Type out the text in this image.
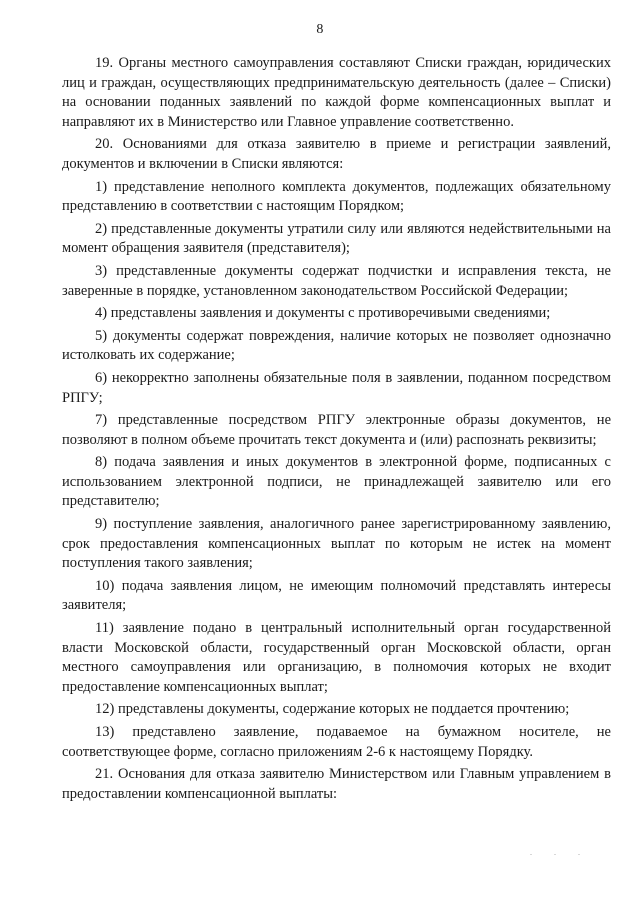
8

19. Органы местного самоуправления составляют Списки граждан, юридических лиц и граждан, осуществляющих предпринимательскую деятельность (далее – Списки) на основании поданных заявлений по каждой форме компенсационных выплат и направляют их в Министерство или Главное управление соответственно.

20. Основаниями для отказа заявителю в приеме и регистрации заявлений, документов и включении в Списки являются:

1) представление неполного комплекта документов, подлежащих обязательному представлению в соответствии с настоящим Порядком;

2) представленные документы утратили силу или являются недействительными на момент обращения заявителя (представителя);

3) представленные документы содержат подчистки и исправления текста, не заверенные в порядке, установленном законодательством Российской Федерации;

4) представлены заявления и документы с противоречивыми сведениями;

5) документы содержат повреждения, наличие которых не позволяет однозначно истолковать их содержание;

6) некорректно заполнены обязательные поля в заявлении, поданном посредством РПГУ;

7) представленные посредством РПГУ электронные образы документов, не позволяют в полном объеме прочитать текст документа и (или) распознать реквизиты;

8) подача заявления и иных документов в электронной форме, подписанных с использованием электронной подписи, не принадлежащей заявителю или его представителю;

9) поступление заявления, аналогичного ранее зарегистрированному заявлению, срок предоставления компенсационных выплат по которым не истек на момент поступления такого заявления;

10) подача заявления лицом, не имеющим полномочий представлять интересы заявителя;

11) заявление подано в центральный исполнительный орган государственной власти Московской области, государственный орган Московской области, орган местного самоуправления или организацию, в полномочия которых не входит предоставление компенсационных выплат;

12) представлены документы, содержание которых не поддается прочтению;

13) представлено заявление, подаваемое на бумажном носителе, не соответствующее форме, согласно приложениям 2-6 к настоящему Порядку.

21. Основания для отказа заявителю Министерством или Главным управлением в предоставлении компенсационной выплаты:

. . .
